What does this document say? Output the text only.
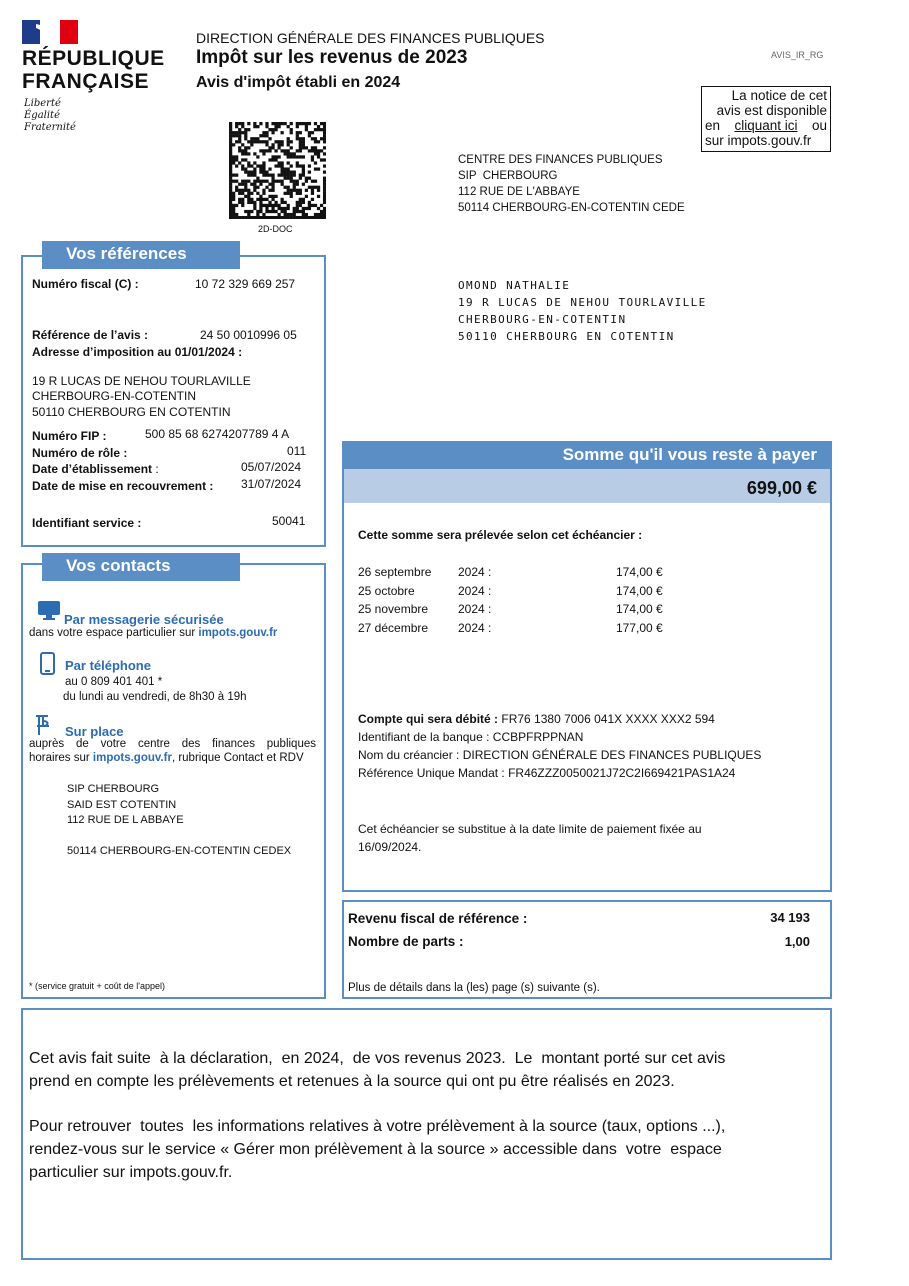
RÉPUBLIQUE
FRANÇAISE
Liberté
Égalité
Fraternité
DIRECTION GÉNÉRALE DES FINANCES PUBLIQUES
Impôt sur les revenus de 2023
Avis d'impôt établi en 2024
AVIS_IR_RG
La notice de cet
avis est disponible
en cliquant ici ou
sur impots.gouv.fr
2D-DOC
CENTRE DES FINANCES PUBLIQUES
SIP  CHERBOURG
112 RUE DE L'ABBAYE
50114 CHERBOURG-EN-COTENTIN CEDE
OMOND NATHALIE
19 R LUCAS DE NEHOU TOURLAVILLE
CHERBOURG-EN-COTENTIN
50110 CHERBOURG EN COTENTIN
Vos références
Numéro fiscal (C) :	10 72 329 669 257
Référence de l’avis :	24 50 0010996 05
Adresse d’imposition au 01/01/2024 :
19 R LUCAS DE NEHOU TOURLAVILLE
CHERBOURG-EN-COTENTIN
50110 CHERBOURG EN COTENTIN
Numéro FIP :	500 85 68 6274207789 4 A
Numéro de rôle :	011
Date d’établissement :	05/07/2024
Date de mise en recouvrement : 31/07/2024
Identifiant service :	50041
Vos contacts
Par messagerie sécurisée
dans votre espace particulier sur impots.gouv.fr
Par téléphone
au 0 809 401 401 *
du lundi au vendredi, de 8h30 à 19h
Sur place
auprès de votre centre des finances publiques
horaires sur impots.gouv.fr, rubrique Contact et RDV
SIP CHERBOURG
SAID EST COTENTIN
112 RUE DE L ABBAYE
50114 CHERBOURG-EN-COTENTIN CEDEX
* (service gratuit + coût de l'appel)
Somme qu'il vous reste à payer
699,00 €
Cette somme sera prélevée selon cet échéancier :
26 septembre 2024 :	174,00 €
25 octobre	2024 :	174,00 €
25 novembre 2024 :	174,00 €
27 décembre 2024 :	177,00 €
Compte qui sera débité : FR76 1380 7006 041X XXXX XXX2 594
Identifiant de la banque : CCBPFRPPNAN
Nom du créancier : DIRECTION GÉNÉRALE DES FINANCES PUBLIQUES
Référence Unique Mandat : FR46ZZZ0050021J72C2I669421PAS1A24
Cet échéancier se substitue à la date limite de paiement fixée au
16/09/2024.
Revenu fiscal de référence :	34 193
Nombre de parts :	1,00
Plus de détails dans la (les) page (s) suivante (s).
Cet avis fait suite  à la déclaration,  en 2024,  de vos revenus 2023.  Le  montant porté sur cet avis
prend en compte les prélèvements et retenues à la source qui ont pu être réalisés en 2023.
Pour retrouver  toutes  les informations relatives à votre prélèvement à la source (taux, options ...),
rendez-vous sur le service « Gérer mon prélèvement à la source » accessible dans  votre  espace
particulier sur impots.gouv.fr.
